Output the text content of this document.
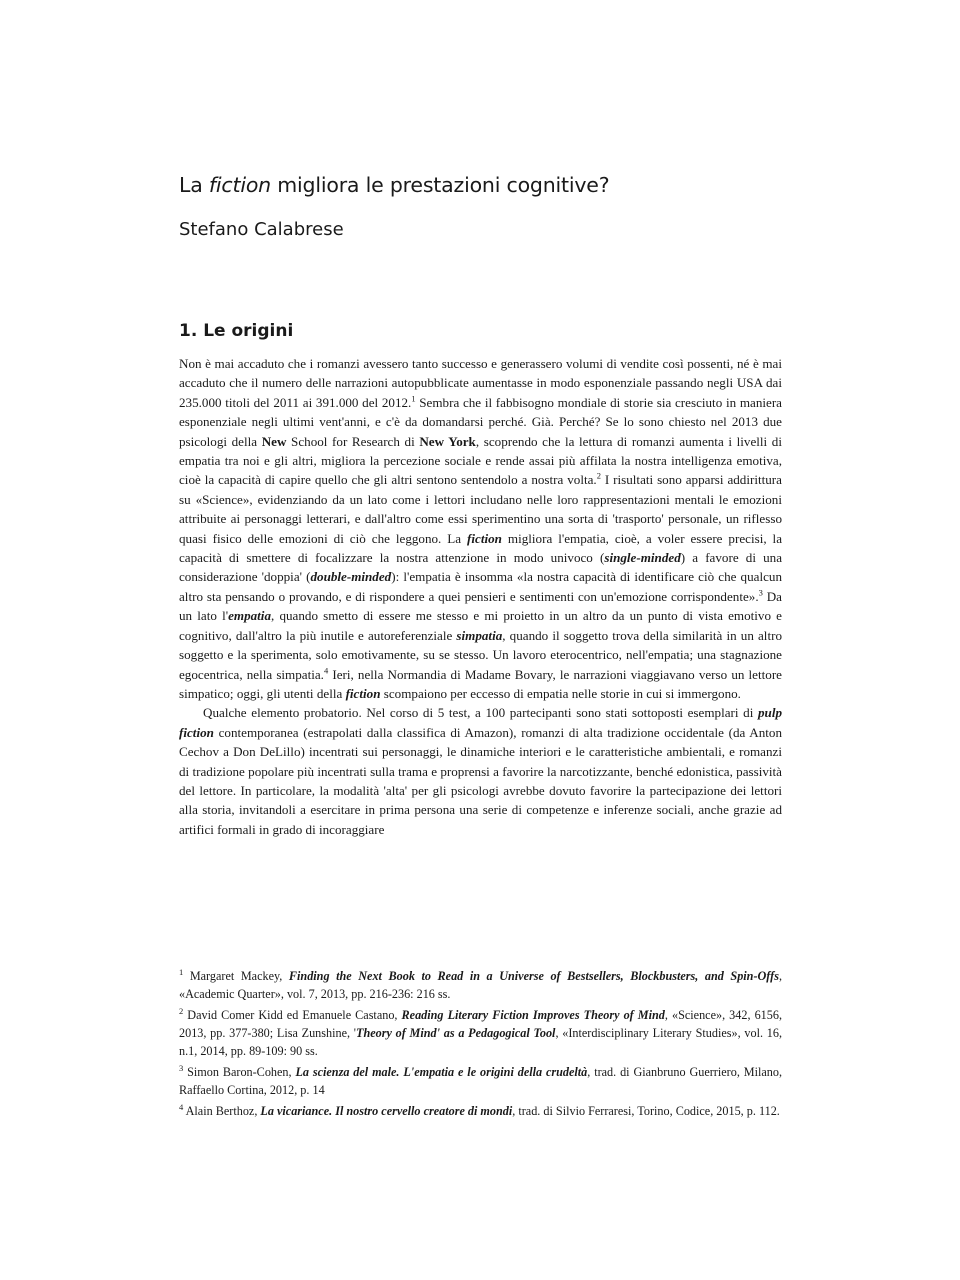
La fiction migliora le prestazioni cognitive?

Stefano Calabrese

1. Le origini

Non è mai accaduto che i romanzi avessero tanto successo e generassero volumi di vendite così possenti, né è mai accaduto che il numero delle narrazioni autopubblicate aumentasse in modo esponenziale passando negli USA dai 235.000 titoli del 2011 ai 391.000 del 2012.$^1$ Sembra che il fabbisogno mondiale di storie sia cresciuto in maniera esponenziale negli ultimi vent'anni, e c'è da domandarsi perché. Già. Perché? Se lo sono chiesto nel 2013 due psicologi della New School for Research di New York, scoprendo che la lettura di romanzi aumenta i livelli di empatia tra noi e gli altri, migliora la percezione sociale e rende assai più affilata la nostra intelligenza emotiva, cioè la capacità di capire quello che gli altri sentono sentendolo a nostra volta.$^2$ I risultati sono apparsi addirittura su «Science», evidenziando da un lato come i lettori includano nelle loro rappresentazioni mentali le emozioni attribuite ai personaggi letterari, e dall'altro come essi sperimentino una sorta di 'trasporto' personale, un riflesso quasi fisico delle emozioni di ciò che leggono. La fiction migliora l'empatia, cioè, a voler essere precisi, la capacità di smettere di focalizzare la nostra attenzione in modo univoco (single-minded) a favore di una considerazione 'doppia' (double-minded): l'empatia è insomma «la nostra capacità di identificare ciò che qualcun altro sta pensando o provando, e di rispondere a quei pensieri e sentimenti con un'emozione corrispondente».$^3$ Da un lato l'empatia, quando smetto di essere me stesso e mi proietto in un altro da un punto di vista emotivo e cognitivo, dall'altro la più inutile e autoreferenziale simpatia, quando il soggetto trova della similarità in un altro soggetto e la sperimenta, solo emotivamente, su se stesso. Un lavoro eterocentrico, nell'empatia; una stagnazione egocentrica, nella simpatia.$^4$ Ieri, nella Normandia di Madame Bovary, le narrazioni viaggiavano verso un lettore simpatico; oggi, gli utenti della fiction scompaiono per eccesso di empatia nelle storie in cui si immergono.

Qualche elemento probatorio. Nel corso di 5 test, a 100 partecipanti sono stati sottoposti esemplari di pulp fiction contemporanea (estrapolati dalla classifica di Amazon), romanzi di alta tradizione occidentale (da Anton Cechov a Don DeLillo) incentrati sui personaggi, le dinamiche interiori e le caratteristiche ambientali, e romanzi di tradizione popolare più incentrati sulla trama e proprensi a favorire la narcotizzante, benché edonistica, passività del lettore. In particolare, la modalità 'alta' per gli psicologi avrebbe dovuto favorire la partecipazione dei lettori alla storia, invitandoli a esercitare in prima persona una serie di competenze e inferenze sociali, anche grazie ad artifici formali in grado di incoraggiare

$^1$ Margaret Mackey, Finding the Next Book to Read in a Universe of Bestsellers, Blockbusters, and Spin-Offs, «Academic Quarter», vol. 7, 2013, pp. 216-236: 216 ss.

$^2$ David Comer Kidd ed Emanuele Castano, Reading Literary Fiction Improves Theory of Mind, «Science», 342, 6156, 2013, pp. 377-380; Lisa Zunshine, 'Theory of Mind' as a Pedagogical Tool, «Interdisciplinary Literary Studies», vol. 16, n.1, 2014, pp. 89-109: 90 ss.

$^3$ Simon Baron-Cohen, La scienza del male. L'empatia e le origini della crudeltà, trad. di Gianbruno Guerriero, Milano, Raffaello Cortina, 2012, p. 14

$^4$ Alain Berthoz, La vicariance. Il nostro cervello creatore di mondi, trad. di Silvio Ferraresi, Torino, Codice, 2015, p. 112.
